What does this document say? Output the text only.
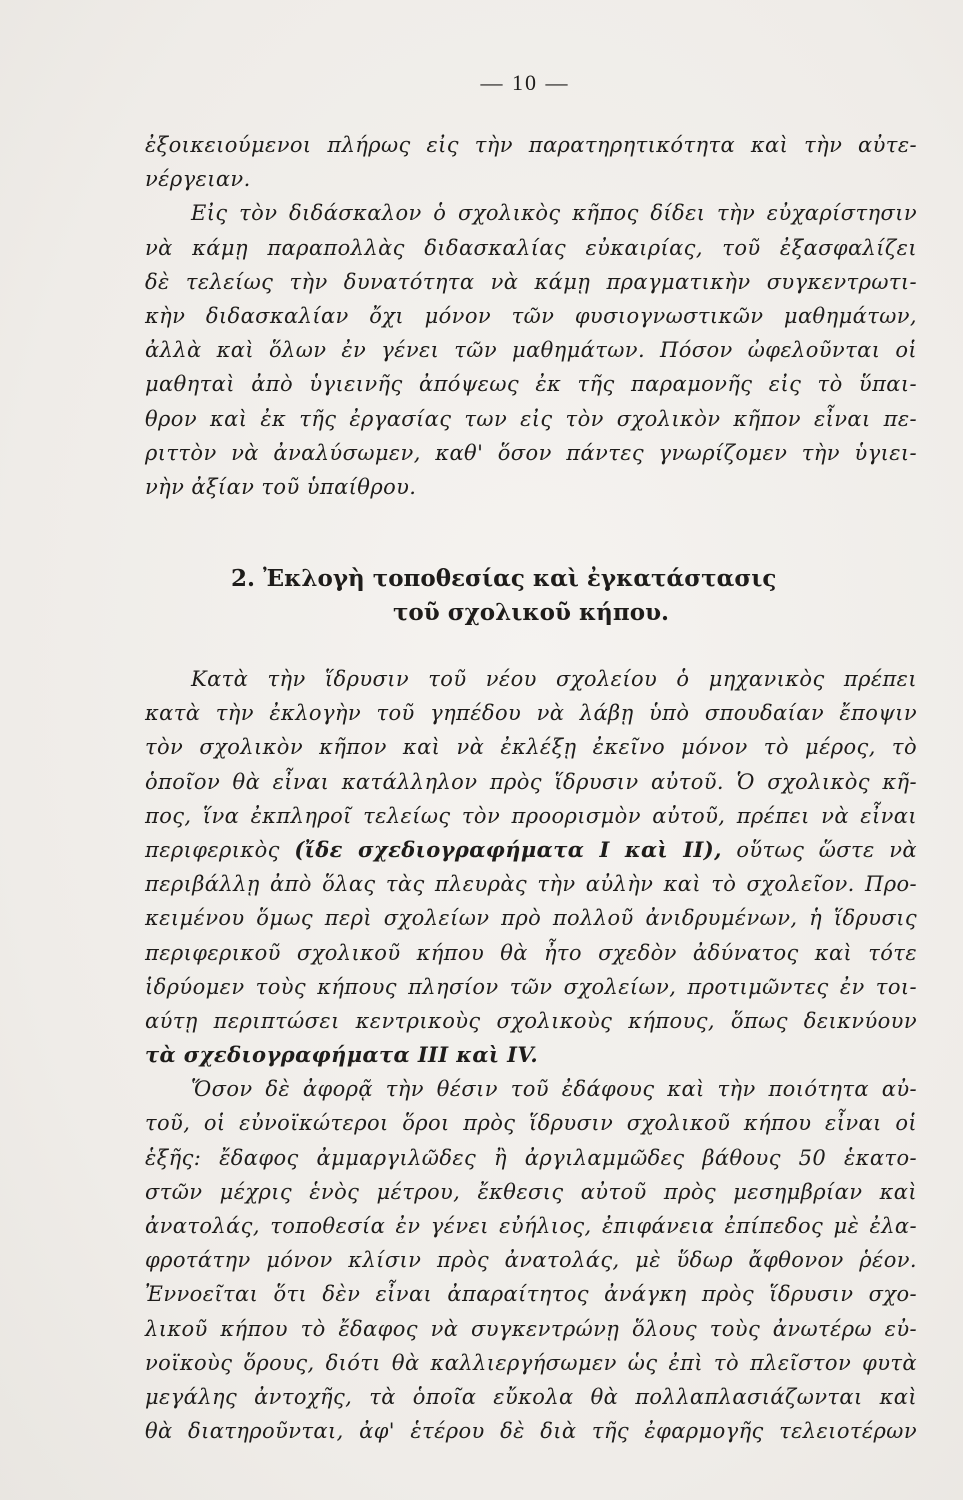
— 10 —
ἐξοικειούμενοι πλήρως εἰς τὴν παρατηρητικότητα καὶ τὴν αὐτε-
νέργειαν.
Εἰς τὸν διδάσκαλον ὁ σχολικὸς κῆπος δίδει τὴν εὐχαρίστησιν
νὰ κάμῃ παραπολλὰς διδασκαλίας εὐκαιρίας, τοῦ ἐξασφαλίζει
δὲ τελείως τὴν δυνατότητα νὰ κάμῃ πραγματικὴν συγκεντρωτι-
κὴν διδασκαλίαν ὄχι μόνον τῶν φυσιογνωστικῶν μαθημάτων,
ἀλλὰ καὶ ὅλων ἐν γένει τῶν μαθημάτων. Πόσον ὠφελοῦνται οἱ
μαθηταὶ ἀπὸ ὑγιεινῆς ἀπόψεως ἐκ τῆς παραμονῆς εἰς τὸ ὕπαι-
θρον καὶ ἐκ τῆς ἐργασίας των εἰς τὸν σχολικὸν κῆπον εἶναι πε-
ριττὸν νὰ ἀναλύσωμεν, καθ' ὅσον πάντες γνωρίζομεν τὴν ὑγιει-
νὴν ἀξίαν τοῦ ὑπαίθρου.
2. Ἐκλογὴ τοποθεσίας καὶ ἐγκατάστασις
τοῦ σχολικοῦ κήπου.
Κατὰ τὴν ἵδρυσιν τοῦ νέου σχολείου ὁ μηχανικὸς πρέπει
κατὰ τὴν ἐκλογὴν τοῦ γηπέδου νὰ λάβῃ ὑπὸ σπουδαίαν ἔποψιν
τὸν σχολικὸν κῆπον καὶ νὰ ἐκλέξῃ ἐκεῖνο μόνον τὸ μέρος, τὸ
ὁποῖον θὰ εἶναι κατάλληλον πρὸς ἵδρυσιν αὐτοῦ. Ὁ σχολικὸς κῆ-
πος, ἵνα ἐκπληροῖ τελείως τὸν προορισμὸν αὐτοῦ, πρέπει νὰ εἶναι
περιφερικὸς (ἴδε σχεδιογραφήματα Ι καὶ ΙΙ), οὕτως ὥστε νὰ
περιβάλλῃ ἀπὸ ὅλας τὰς πλευρὰς τὴν αὐλὴν καὶ τὸ σχολεῖον. Προ-
κειμένου ὅμως περὶ σχολείων πρὸ πολλοῦ ἀνιδρυμένων, ἡ ἵδρυσις
περιφερικοῦ σχολικοῦ κήπου θὰ ἦτο σχεδὸν ἀδύνατος καὶ τότε
ἱδρύομεν τοὺς κήπους πλησίον τῶν σχολείων, προτιμῶντες ἐν τοι-
αύτῃ περιπτώσει κεντρικοὺς σχολικοὺς κήπους, ὅπως δεικνύουν
τὰ σχεδιογραφήματα ΙΙΙ καὶ ΙV.
Ὅσον δὲ ἀφορᾷ τὴν θέσιν τοῦ ἐδάφους καὶ τὴν ποιότητα αὐ-
τοῦ, οἱ εὐνοϊκώτεροι ὅροι πρὸς ἵδρυσιν σχολικοῦ κήπου εἶναι οἱ
ἑξῆς: ἔδαφος ἀμμαργιλῶδες ἢ ἀργιλαμμῶδες βάθους 50 ἑκατο-
στῶν μέχρις ἑνὸς μέτρου, ἔκθεσις αὐτοῦ πρὸς μεσημβρίαν καὶ
ἀνατολάς, τοποθεσία ἐν γένει εὐήλιος, ἐπιφάνεια ἐπίπεδος μὲ ἐλα-
φροτάτην μόνον κλίσιν πρὸς ἀνατολάς, μὲ ὕδωρ ἄφθονον ῥέον.
Ἐννοεῖται ὅτι δὲν εἶναι ἀπαραίτητος ἀνάγκη πρὸς ἵδρυσιν σχο-
λικοῦ κήπου τὸ ἔδαφος νὰ συγκεντρώνῃ ὅλους τοὺς ἀνωτέρω εὐ-
νοϊκοὺς ὅρους, διότι θὰ καλλιεργήσωμεν ὡς ἐπὶ τὸ πλεῖστον φυτὰ
μεγάλης ἀντοχῆς, τὰ ὁποῖα εὔκολα θὰ πολλαπλασιάζωνται καὶ
θὰ διατηροῦνται, ἀφ' ἑτέρου δὲ διὰ τῆς ἐφαρμογῆς τελειοτέρων
